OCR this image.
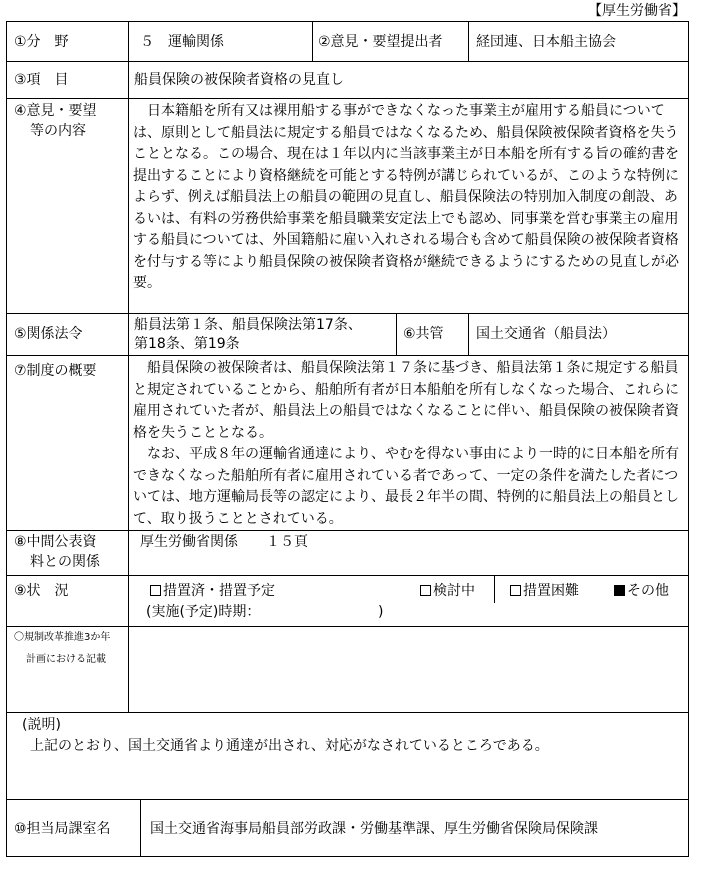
【厚生労働省】
①分　野	５　運輸関係	②意見・要望提出者 経団連、日本船主協会
③項　目	船員保険の被保険者資格の見直し
④意見・要望
等の内容
日本籍船を所有又は裸用船する事ができなくなった事業主が雇用する船員については、原則として船員法に規定する船員ではなくなるため、船員保険被保険者資格を失うこととなる。この場合、現在は１年以内に当該事業主が日本船を所有する旨の確約書を提出することにより資格継続を可能とする特例が講じられているが、このような特例によらず、例えば船員法上の船員の範囲の見直し、船員保険法の特別加入制度の創設、あるいは、有料の労務供給事業を船員職業安定法上でも認め、同事業を営む事業主の雇用する船員については、外国籍船に雇い入れされる場合も含めて船員保険の被保険者資格を付与する等により船員保険の被保険者資格が継続できるようにするための見直しが必要。
⑤関係法令
船員法第１条、船員保険法第17条、
第18条、第19条
⑥共管 国土交通省（船員法）
⑦制度の概要	船員保険の被保険者は、船員保険法第１７条に基づき、船員法第１条に規定する船員と規定されていることから、船舶所有者が日本船舶を所有しなくなった場合、これらに雇用されていた者が、船員法上の船員ではなくなることに伴い、船員保険の被保険者資格を失うこととなる。

なお、平成８年の運輸省通達により、やむを得ない事由により一時的に日本船を所有できなくなった船舶所有者に雇用されている者であって、一定の条件を満たした者については、地方運輸局長等の認定により、最長２年半の間、特例的に船員法上の船員として、取り扱うこととされている。

⑧中間公表資
料との関係
厚生労働省関係　　１５頁
⑨状　況	措置済・措置予定	検討中	措置困難	その他
(実施(予定)時期：	)
〇規制改革推進3か年
計画における記載
(説明)
上記のとおり、国土交通省より通達が出され、対応がなされているところである。
⑩担当局課室名	国土交通省海事局船員部労政課・労働基準課、厚生労働省保険局保険課
